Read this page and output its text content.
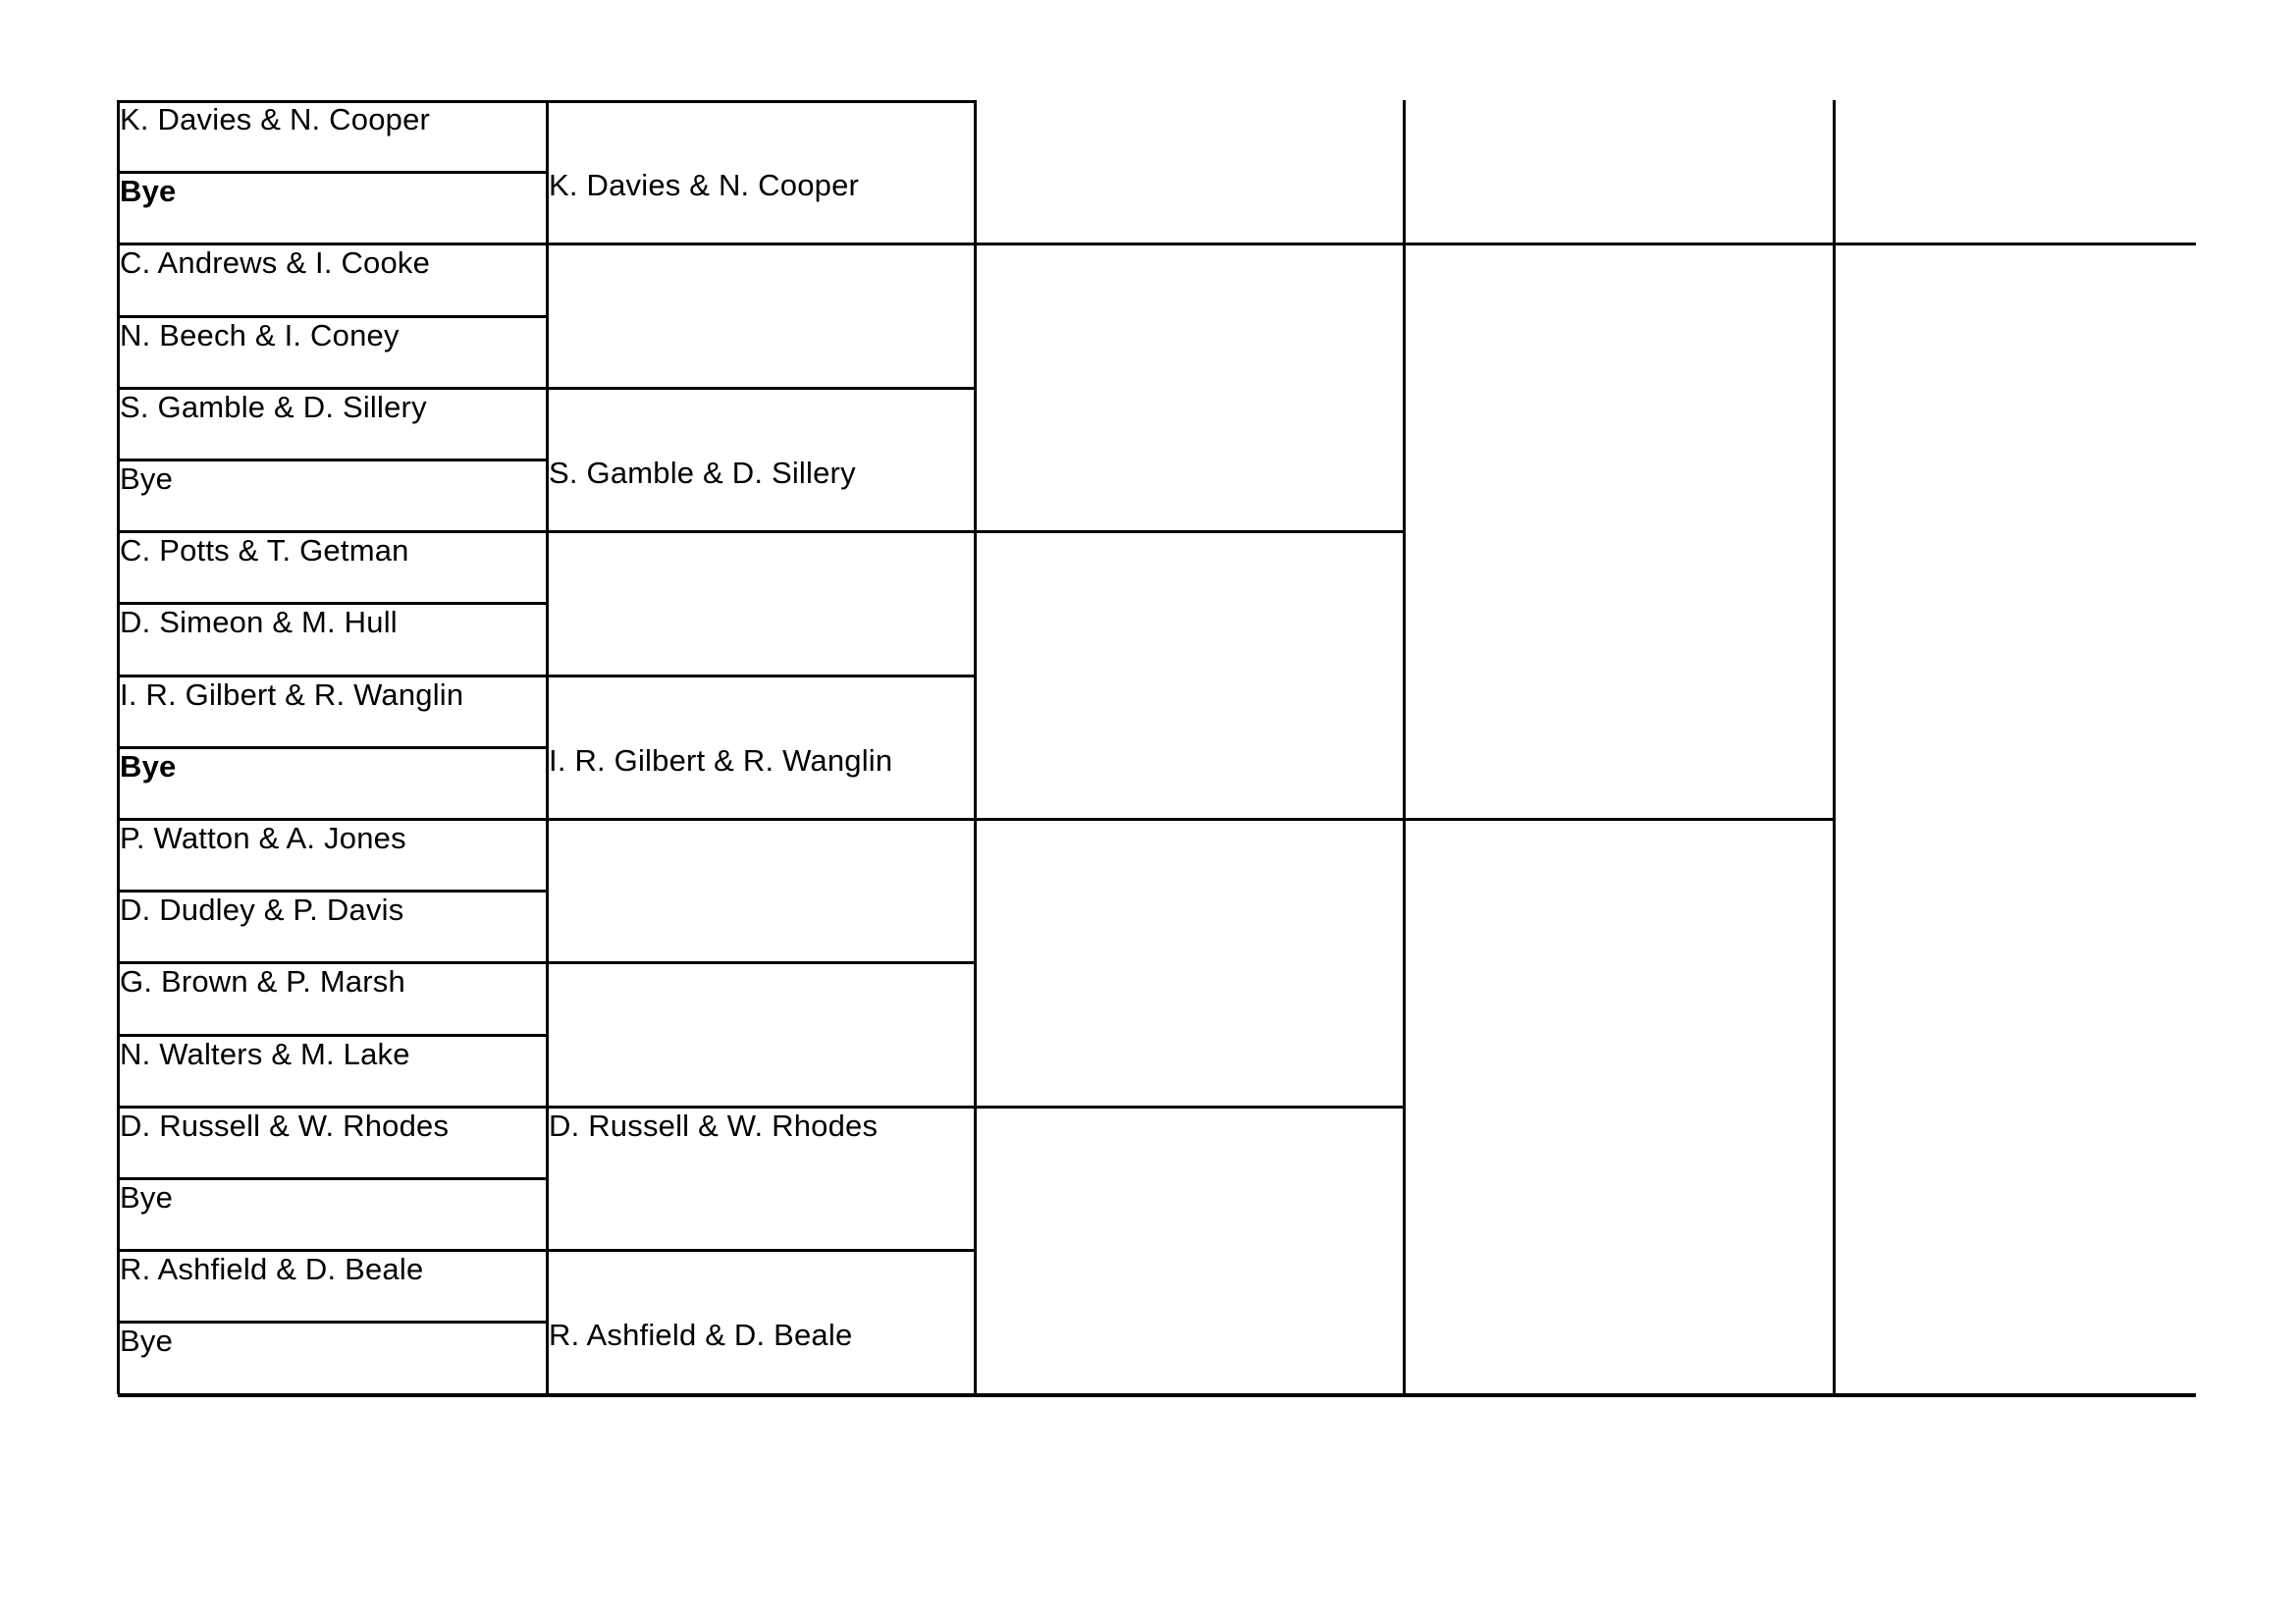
K. Davies & N. Cooper
Bye
C. Andrews & I. Cooke
N. Beech & I. Coney
S. Gamble & D. Sillery
Bye
C. Potts & T. Getman
D. Simeon & M. Hull
I. R. Gilbert & R. Wanglin
Bye
P. Watton & A. Jones
D. Dudley & P. Davis
G. Brown & P. Marsh
N. Walters & M. Lake
D. Russell & W. Rhodes
Bye
R. Ashfield & D. Beale
Bye
K. Davies & N. Cooper
S. Gamble & D. Sillery
I. R. Gilbert & R. Wanglin
D. Russell & W. Rhodes
R. Ashfield & D. Beale
